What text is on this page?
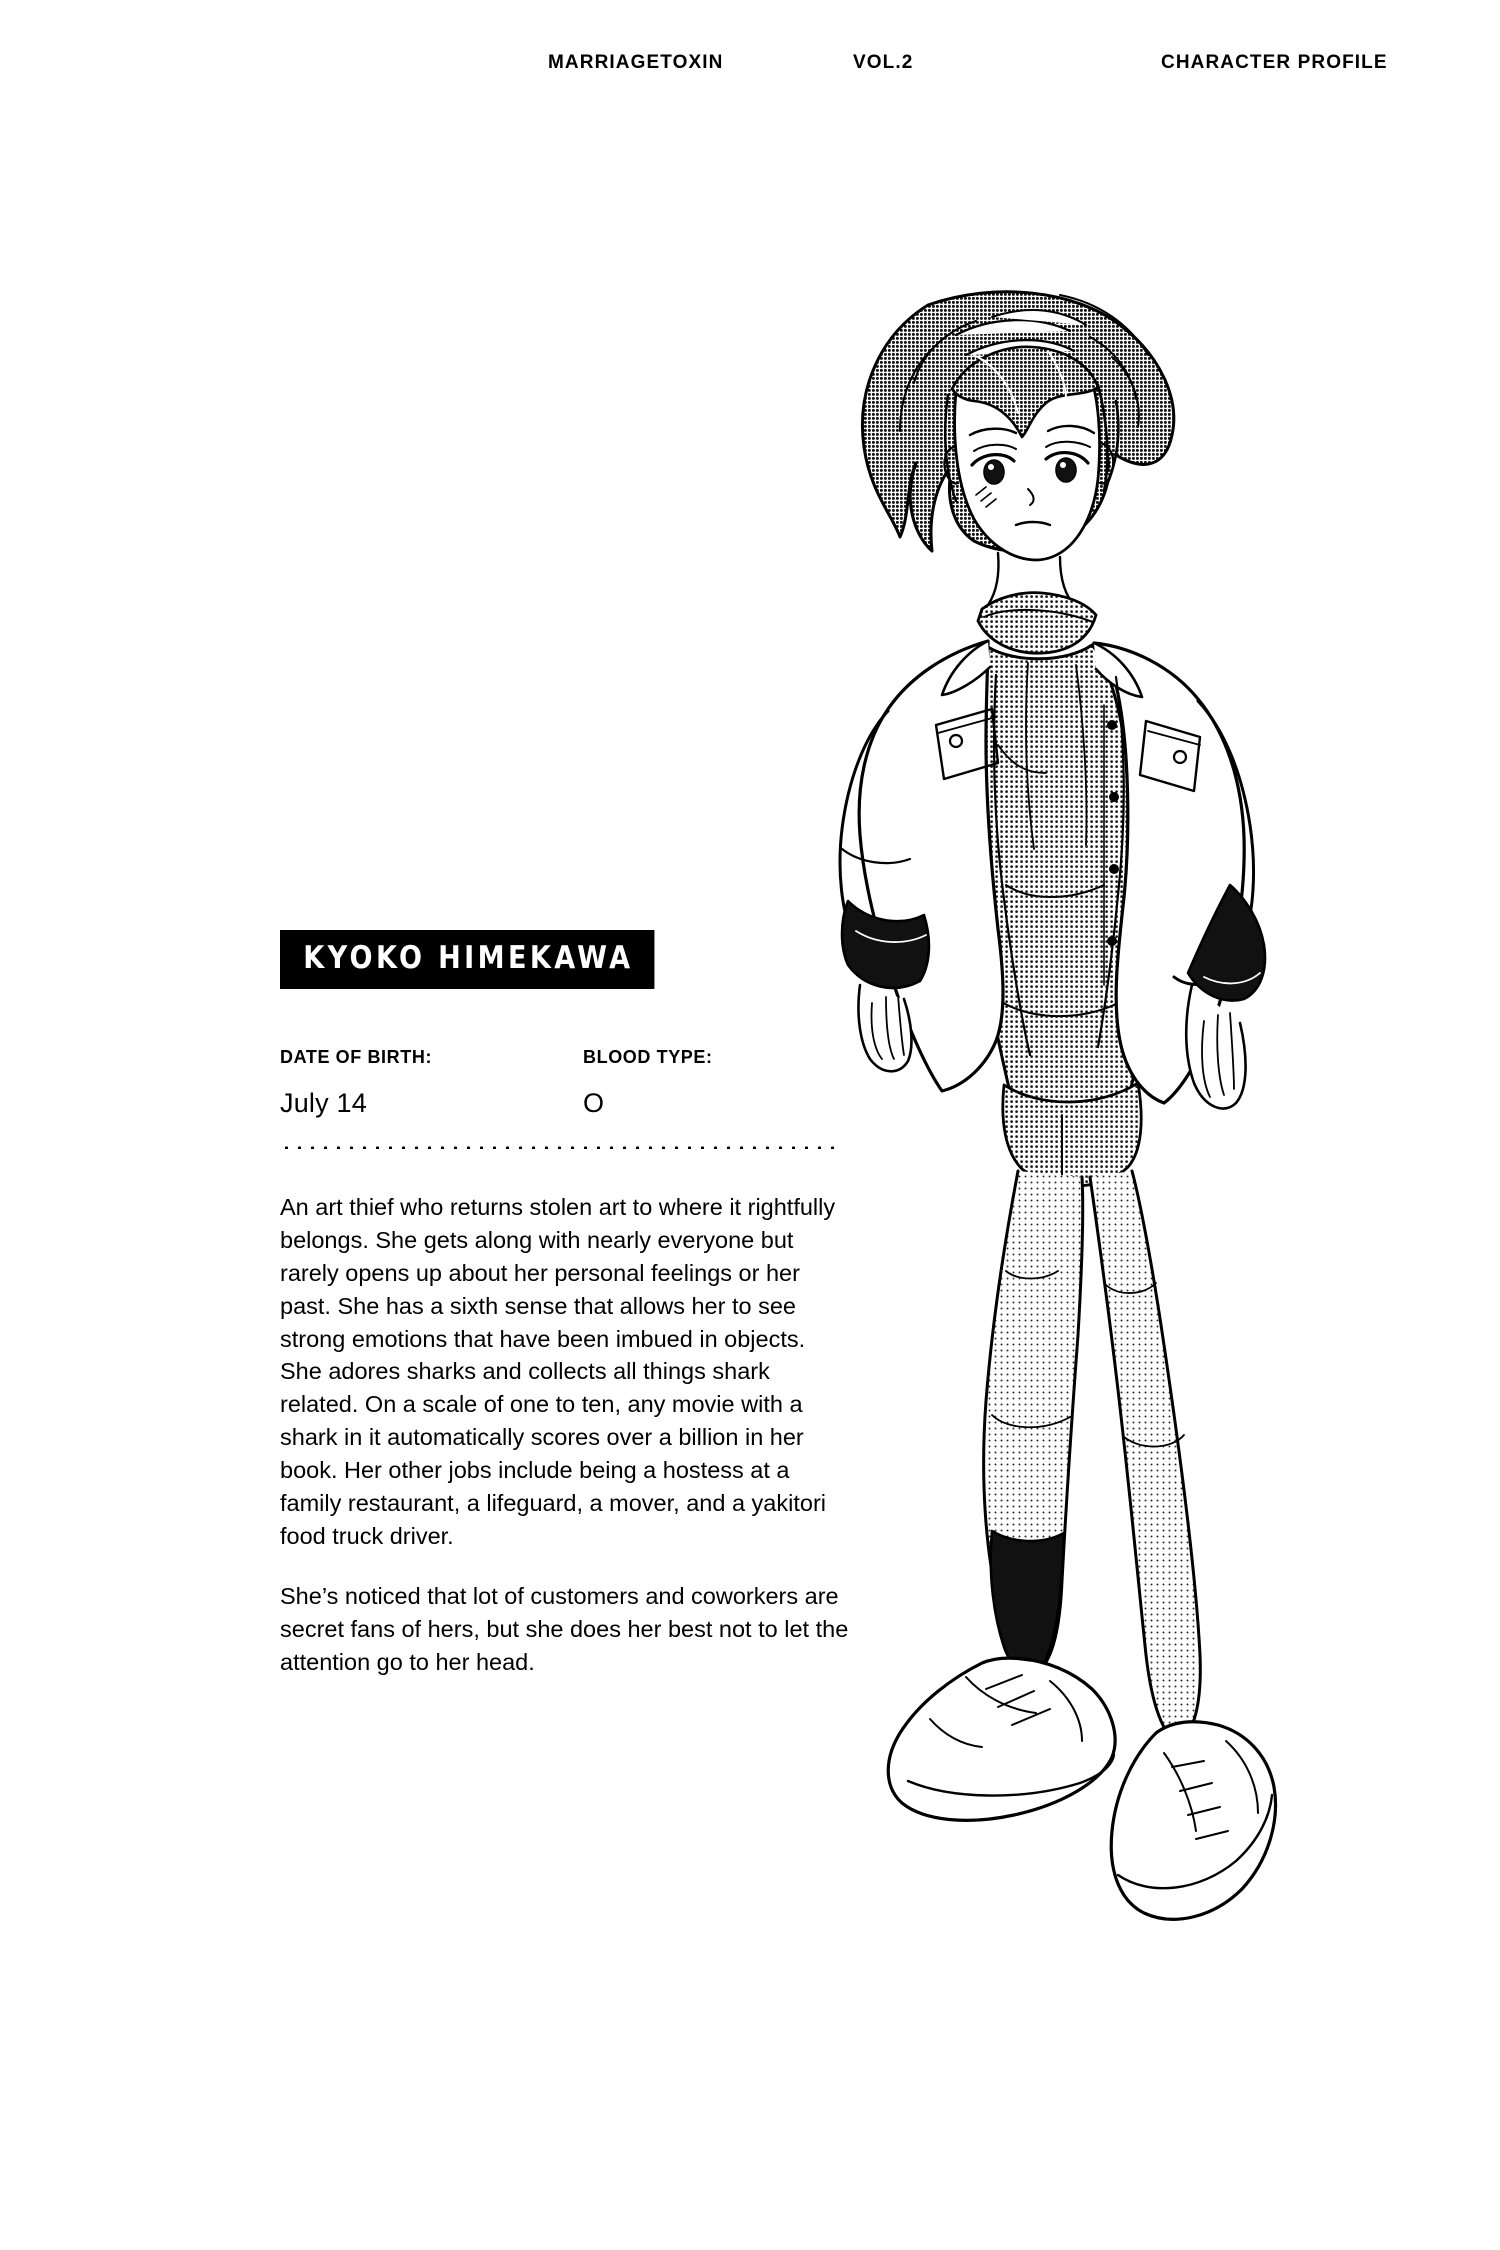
MARRIAGETOXIN	VOL.2	CHARACTER PROFILE
KYOKO HIMEKAWA
DATE OF BIRTH:
July 14
BLOOD TYPE:
O

An art thief who returns stolen art to where it rightfully belongs. She gets along with nearly everyone but rarely opens up about her personal feelings or her past. She has a sixth sense that allows her to see strong emotions that have been imbued in objects. She adores sharks and collects all things shark related. On a scale of one to ten, any movie with a shark in it automatically scores over a billion in her book. Her other jobs include being a hostess at a family restaurant, a lifeguard, a mover, and a yakitori food truck driver.

She’s noticed that lot of customers and coworkers are secret fans of hers, but she does her best not to let the attention go to her head.
